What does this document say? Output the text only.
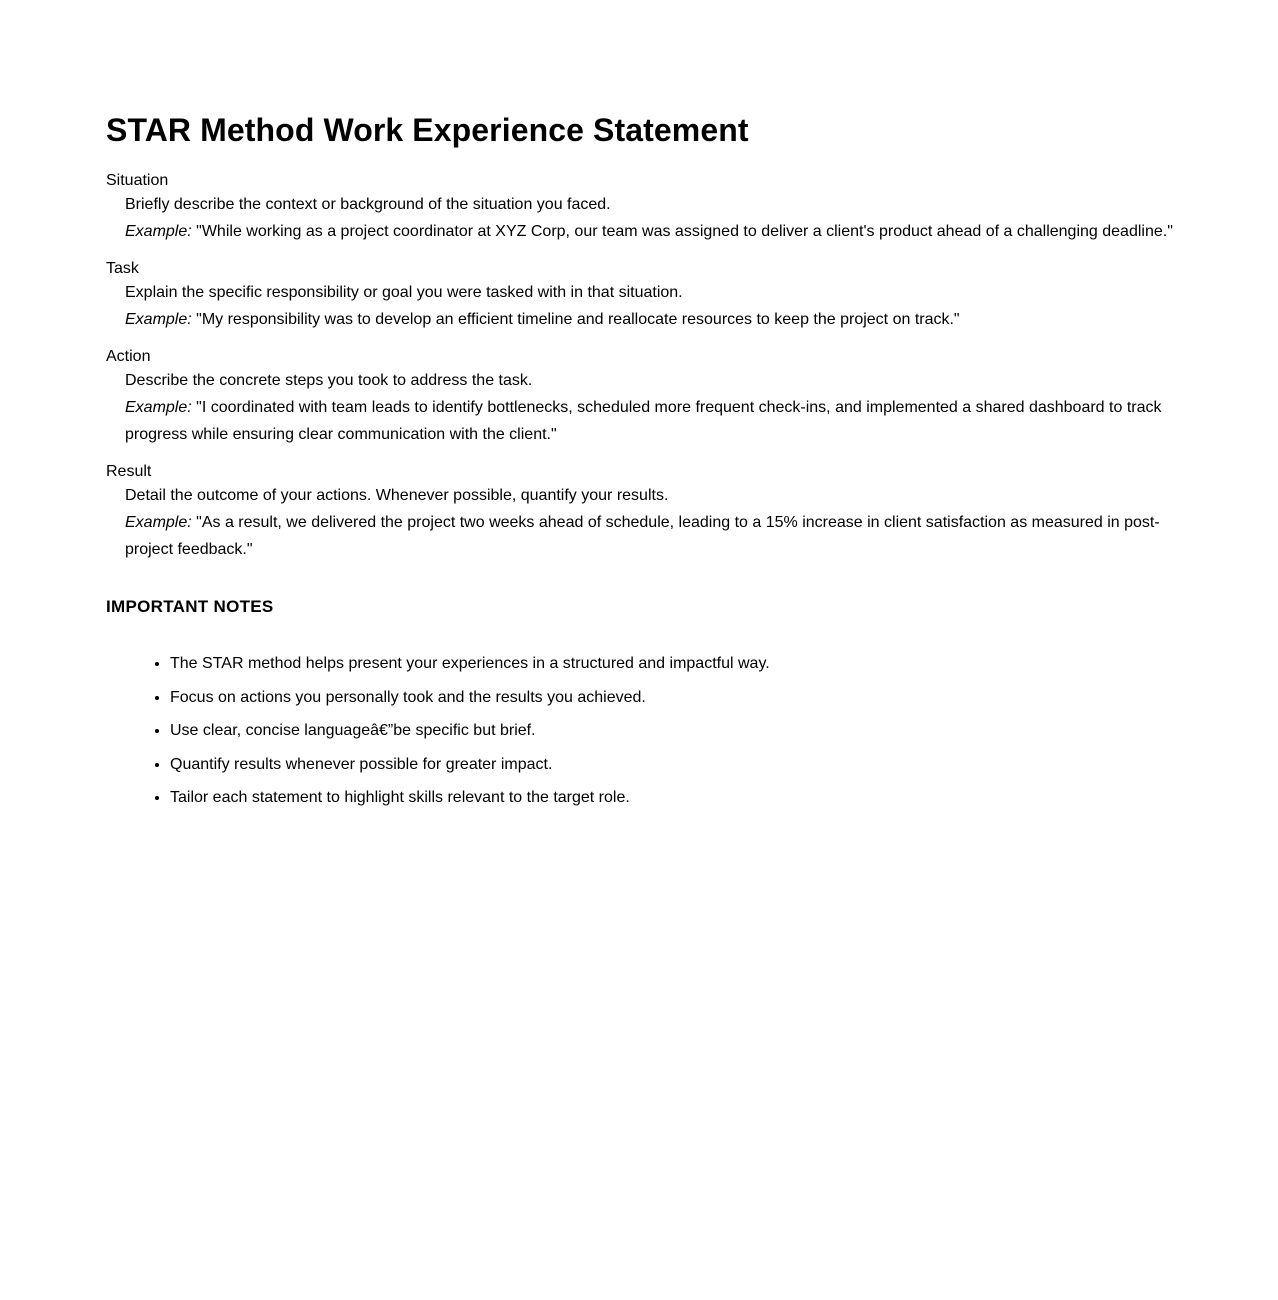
STAR Method Work Experience Statement
Situation
Briefly describe the context or background of the situation you faced.
Example: "While working as a project coordinator at XYZ Corp, our team was assigned to deliver a client's product ahead of a challenging deadline."
Task
Explain the specific responsibility or goal you were tasked with in that situation.
Example: "My responsibility was to develop an efficient timeline and reallocate resources to keep the project on track."
Action
Describe the concrete steps you took to address the task.
Example: "I coordinated with team leads to identify bottlenecks, scheduled more frequent check-ins, and implemented a shared dashboard to track progress while ensuring clear communication with the client."
Result
Detail the outcome of your actions. Whenever possible, quantify your results.
Example: "As a result, we delivered the project two weeks ahead of schedule, leading to a 15% increase in client satisfaction as measured in post-project feedback."
IMPORTANT NOTES
• The STAR method helps present your experiences in a structured and impactful way.
• Focus on actions you personally took and the results you achieved.
• Use clear, concise languageâ€”be specific but brief.
• Quantify results whenever possible for greater impact.
• Tailor each statement to highlight skills relevant to the target role.
